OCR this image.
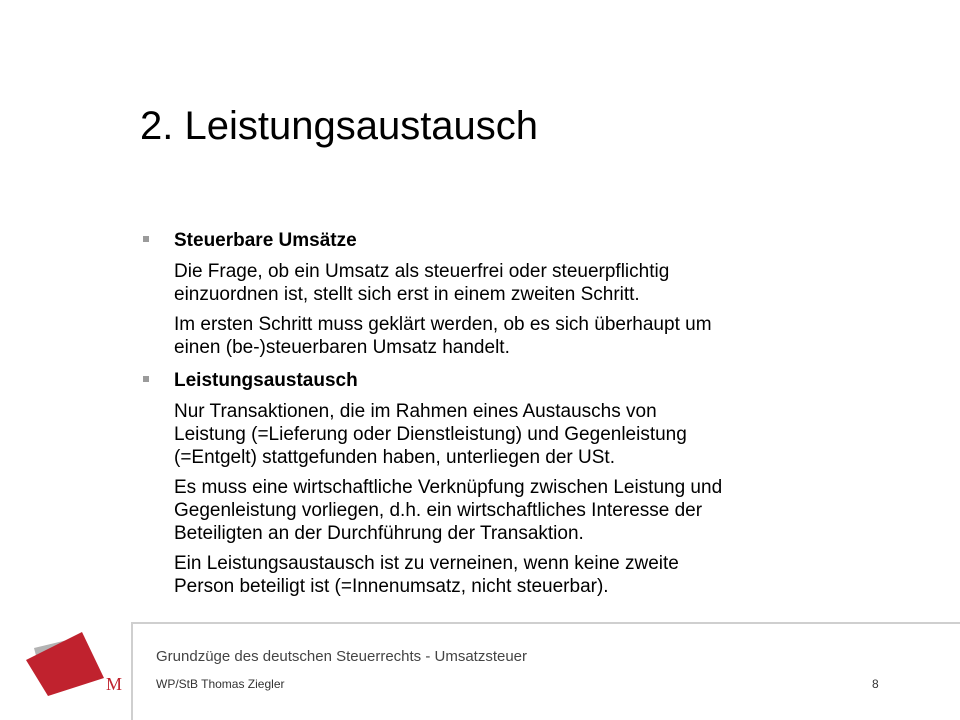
2. Leistungsaustausch
Steuerbare Umsätze
Die Frage, ob ein Umsatz als steuerfrei oder steuerpflichtig
einzuordnen ist, stellt sich erst in einem zweiten Schritt.
Im ersten Schritt muss geklärt werden, ob es sich überhaupt um
einen (be-)steuerbaren Umsatz handelt.
Leistungsaustausch
Nur Transaktionen, die im Rahmen eines Austauschs von
Leistung (=Lieferung oder Dienstleistung) und Gegenleistung
(=Entgelt) stattgefunden haben, unterliegen der USt.
Es muss eine wirtschaftliche Verknüpfung zwischen Leistung und
Gegenleistung vorliegen, d.h. ein wirtschaftliches Interesse der
Beteiligten an der Durchführung der Transaktion.
Ein Leistungsaustausch ist zu verneinen, wenn keine zweite
Person beteiligt ist (=Innenumsatz, nicht steuerbar).
M
Grundzüge des deutschen Steuerrechts - Umsatzsteuer
WP/StB Thomas Ziegler	8
